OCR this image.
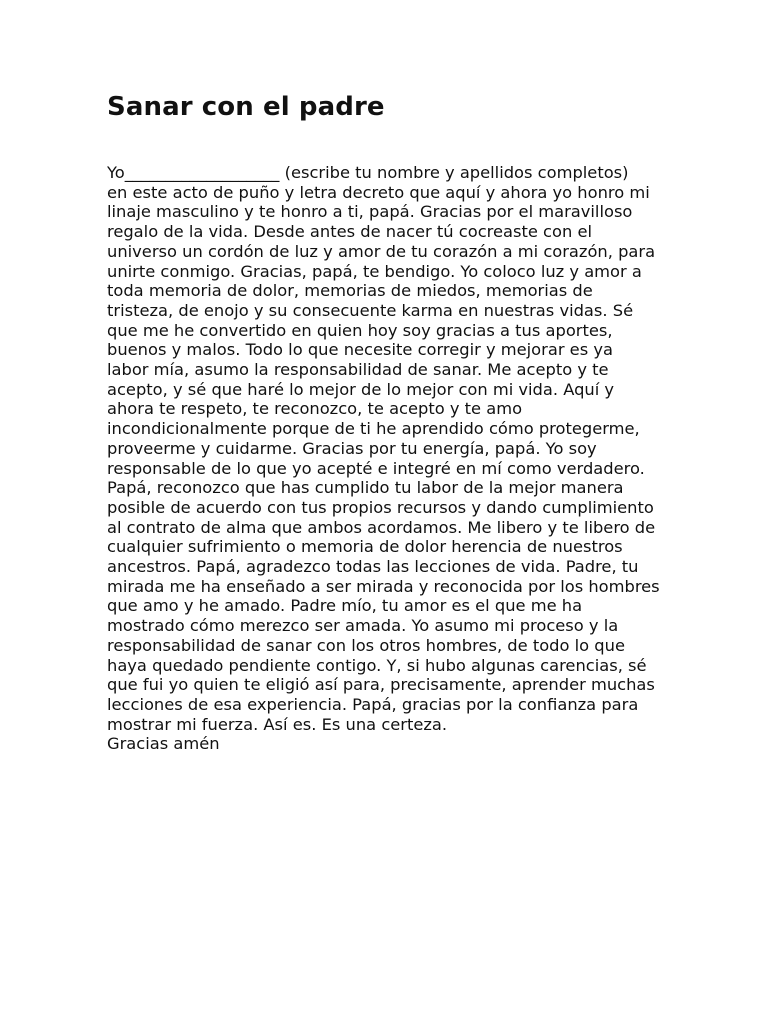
Sanar con el padre
Yo___________________ (escribe tu nombre y apellidos completos)
en este acto de puño y letra decreto que aquí y ahora yo honro mi
linaje masculino y te honro a ti, papá. Gracias por el maravilloso
regalo de la vida. Desde antes de nacer tú cocreaste con el
universo un cordón de luz y amor de tu corazón a mi corazón, para
unirte conmigo. Gracias, papá, te bendigo. Yo coloco luz y amor a
toda memoria de dolor, memorias de miedos, memorias de
tristeza, de enojo y su consecuente karma en nuestras vidas. Sé
que me he convertido en quien hoy soy gracias a tus aportes,
buenos y malos. Todo lo que necesite corregir y mejorar es ya
labor mía, asumo la responsabilidad de sanar. Me acepto y te
acepto, y sé que haré lo mejor de lo mejor con mi vida. Aquí y
ahora te respeto, te reconozco, te acepto y te amo
incondicionalmente porque de ti he aprendido cómo protegerme,
proveerme y cuidarme. Gracias por tu energía, papá. Yo soy
responsable de lo que yo acepté e integré en mí como verdadero.
Papá, reconozco que has cumplido tu labor de la mejor manera
posible de acuerdo con tus propios recursos y dando cumplimiento
al contrato de alma que ambos acordamos. Me libero y te libero de
cualquier sufrimiento o memoria de dolor herencia de nuestros
ancestros. Papá, agradezco todas las lecciones de vida. Padre, tu
mirada me ha enseñado a ser mirada y reconocida por los hombres
que amo y he amado. Padre mío, tu amor es el que me ha
mostrado cómo merezco ser amada. Yo asumo mi proceso y la
responsabilidad de sanar con los otros hombres, de todo lo que
haya quedado pendiente contigo. Y, si hubo algunas carencias, sé
que fui yo quien te eligió así para, precisamente, aprender muchas
lecciones de esa experiencia. Papá, gracias por la confianza para
mostrar mi fuerza. Así es. Es una certeza.
Gracias amén
